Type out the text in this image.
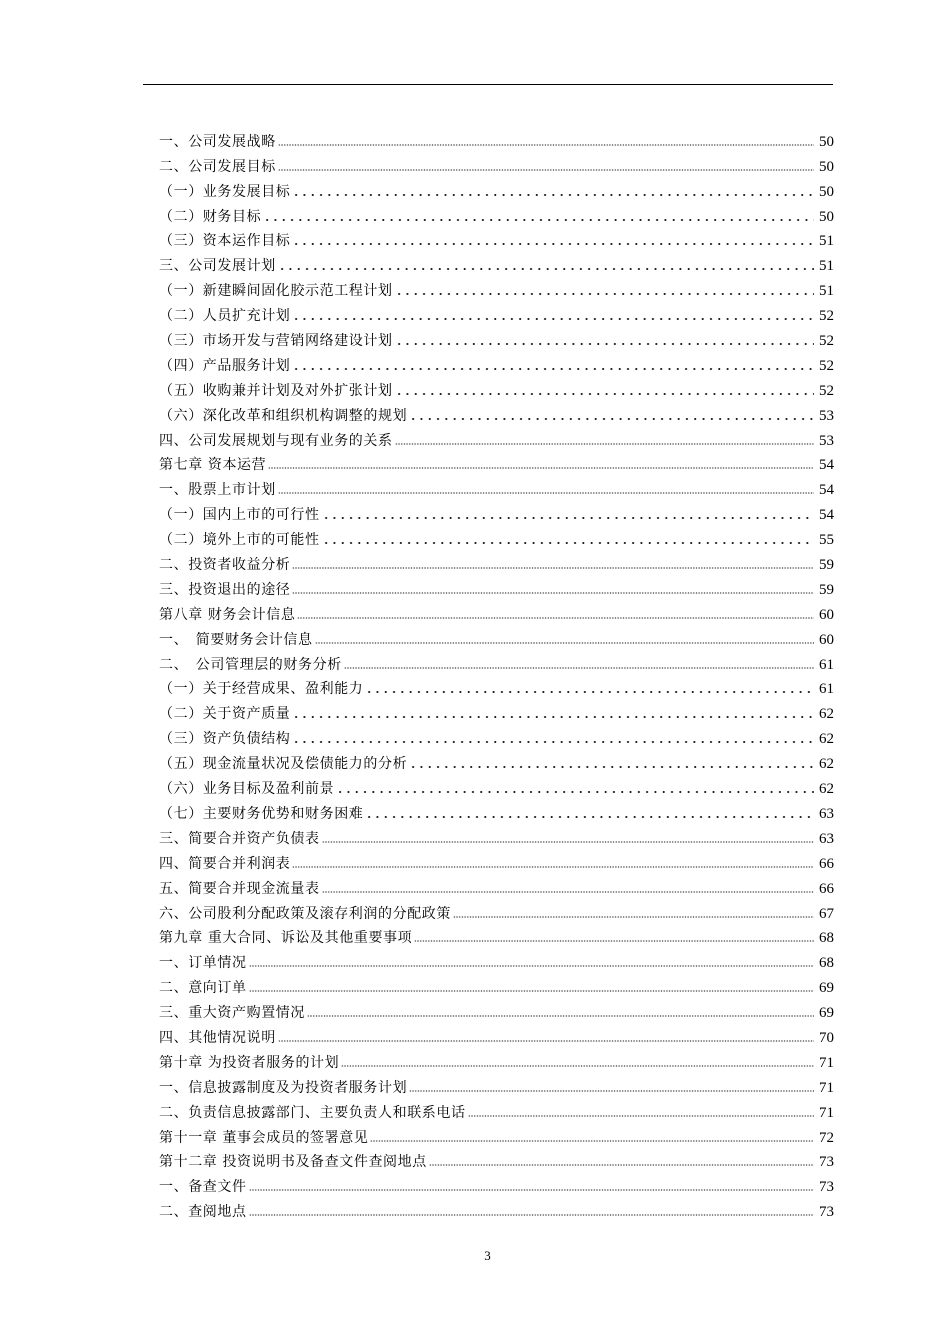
一、公司发展战略	50
二、公司发展目标	50
（一）业务发展目标	50
（二）财务目标	50
（三）资本运作目标	51
三、公司发展计划	51
（一）新建瞬间固化胶示范工程计划	51
（二）人员扩充计划	52
（三）市场开发与营销网络建设计划	52
（四）产品服务计划	52
（五）收购兼并计划及对外扩张计划	52
（六）深化改革和组织机构调整的规划	53
四、公司发展规划与现有业务的关系	53
第七章 资本运营	54
一、股票上市计划	54
（一）国内上市的可行性	54
（二）境外上市的可能性	55
二、投资者收益分析	59
三、投资退出的途径	59
第八章 财务会计信息	60
一、　简要财务会计信息	60
二、　公司管理层的财务分析	61
（一）关于经营成果、盈利能力	61
（二）关于资产质量	62
（三）资产负债结构	62
（五）现金流量状况及偿债能力的分析	62
（六）业务目标及盈利前景	62
（七）主要财务优势和财务困难	63
三、简要合并资产负债表	63
四、简要合并利润表	66
五、简要合并现金流量表	66
六、公司股利分配政策及滚存利润的分配政策	67
第九章 重大合同、诉讼及其他重要事项	68
一、订单情况	68
二、意向订单	69
三、重大资产购置情况	69
四、其他情况说明	70
第十章 为投资者服务的计划	71
一、信息披露制度及为投资者服务计划	71
二、负责信息披露部门、主要负责人和联系电话	71
第十一章 董事会成员的签署意见	72
第十二章 投资说明书及备查文件查阅地点	73
一、备查文件	73
二、查阅地点	73
3
